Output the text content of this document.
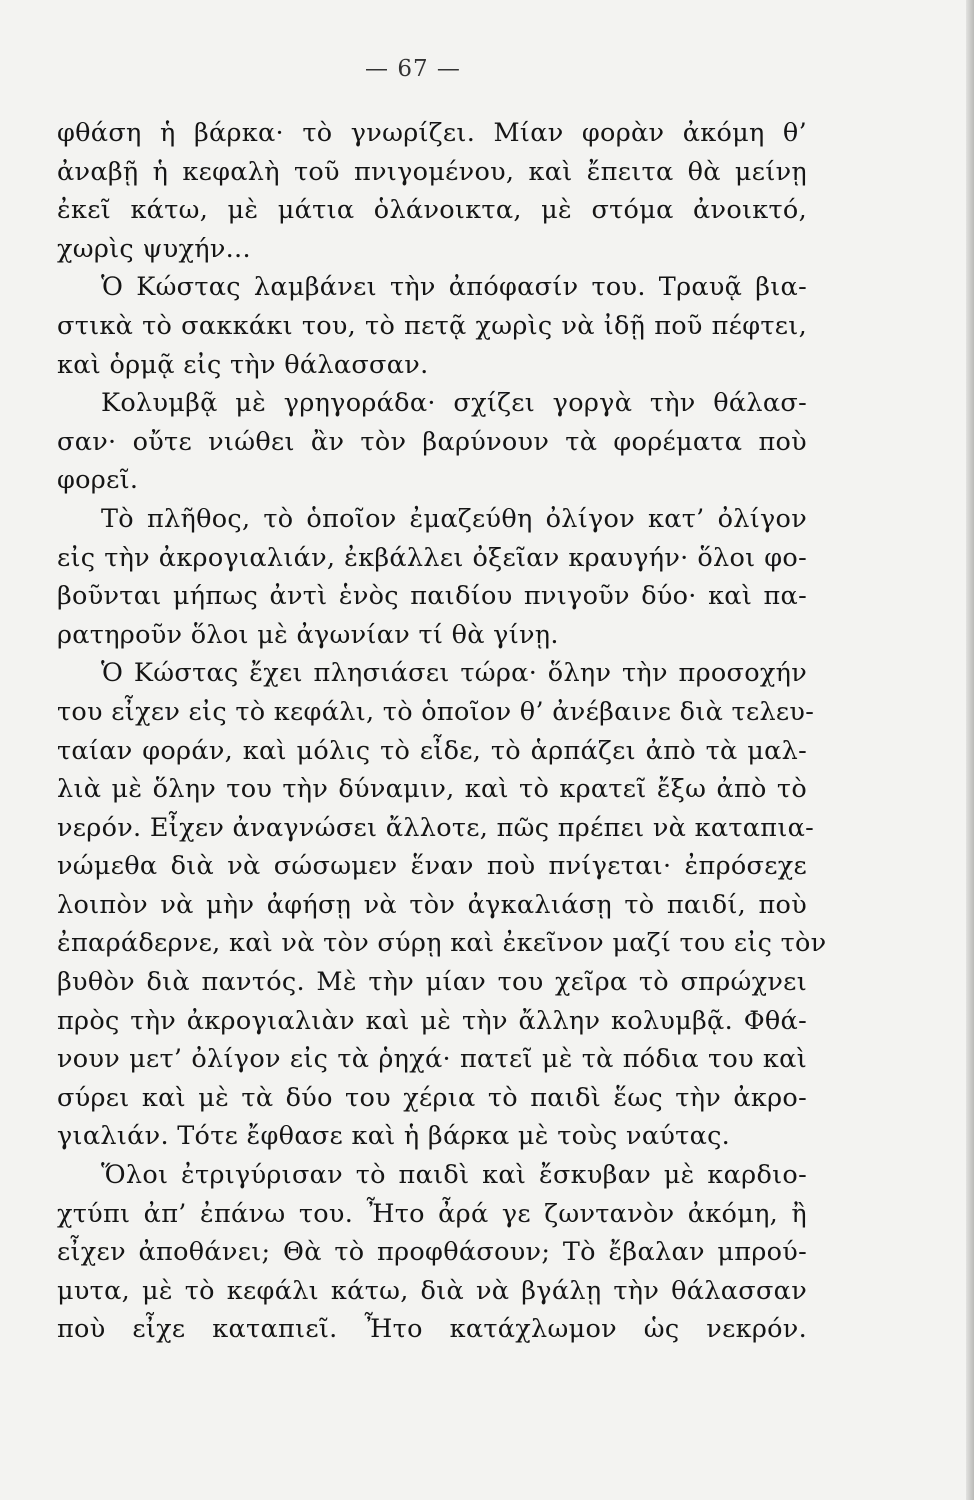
— 67 —
φθάση ἡ βάρκα· τὸ γνωρίζει. Μίαν φορὰν ἀκόμη θ’
ἀναβῇ ἡ κεφαλὴ τοῦ πνιγομένου, καὶ ἔπειτα θὰ μείνῃ
ἐκεῖ κάτω, μὲ μάτια ὁλάνοικτα, μὲ στόμα ἀνοικτό,
χωρὶς ψυχήν...
Ὁ Κώστας λαμβάνει τὴν ἀπόφασίν του. Τραυᾷ βια-
στικὰ τὸ σακκάκι του, τὸ πετᾷ χωρὶς νὰ ἰδῇ ποῦ πέφτει,
καὶ ὁρμᾷ εἰς τὴν θάλασσαν.
Κολυμβᾷ μὲ γρηγοράδα· σχίζει γοργὰ τὴν θάλασ-
σαν· οὔτε νιώθει ἂν τὸν βαρύνουν τὰ φορέματα ποὺ
φορεῖ.
Τὸ πλῆθος, τὸ ὁποῖον ἐμαζεύθη ὀλίγον κατ’ ὀλίγον
εἰς τὴν ἀκρογιαλιάν, ἐκβάλλει ὀξεῖαν κραυγήν· ὅλοι φο-
βοῦνται μήπως ἀντὶ ἑνὸς παιδίου πνιγοῦν δύο· καὶ πα-
ρατηροῦν ὅλοι μὲ ἀγωνίαν τί θὰ γίνῃ.
Ὁ Κώστας ἔχει πλησιάσει τώρα· ὅλην τὴν προσοχήν
του εἶχεν εἰς τὸ κεφάλι, τὸ ὁποῖον θ’ ἀνέβαινε διὰ τελευ-
ταίαν φοράν, καὶ μόλις τὸ εἶδε, τὸ ἁρπάζει ἀπὸ τὰ μαλ-
λιὰ μὲ ὅλην του τὴν δύναμιν, καὶ τὸ κρατεῖ ἔξω ἀπὸ τὸ
νερόν. Εἶχεν ἀναγνώσει ἄλλοτε, πῶς πρέπει νὰ καταπια-
νώμεθα διὰ νὰ σώσωμεν ἕναν ποὺ πνίγεται· ἐπρόσεχε
λοιπὸν νὰ μὴν ἀφήσῃ νὰ τὸν ἀγκαλιάσῃ τὸ παιδί, ποὺ
ἐπαράδερνε, καὶ νὰ τὸν σύρῃ καὶ ἐκεῖνον μαζί του εἰς τὸν
βυθὸν διὰ παντός. Μὲ τὴν μίαν του χεῖρα τὸ σπρώχνει
πρὸς τὴν ἀκρογιαλιὰν καὶ μὲ τὴν ἄλλην κολυμβᾷ. Φθά-
νουν μετ’ ὀλίγον εἰς τὰ ῥηχά· πατεῖ μὲ τὰ πόδια του καὶ
σύρει καὶ μὲ τὰ δύο του χέρια τὸ παιδὶ ἕως τὴν ἀκρο-
γιαλιάν. Τότε ἔφθασε καὶ ἡ βάρκα μὲ τοὺς ναύτας.
Ὅλοι ἐτριγύρισαν τὸ παιδὶ καὶ ἔσκυβαν μὲ καρδιο-
χτύπι ἀπ’ ἐπάνω του. Ἦτο ἆρά γε ζωντανὸν ἀκόμη, ἢ
εἶχεν ἀποθάνει; Θὰ τὸ προφθάσουν; Τὸ ἔβαλαν μπρού-
μυτα, μὲ τὸ κεφάλι κάτω, διὰ νὰ βγάλῃ τὴν θάλασσαν
ποὺ εἶχε καταπιεῖ. Ἦτο κατάχλωμον ὡς νεκρόν.
